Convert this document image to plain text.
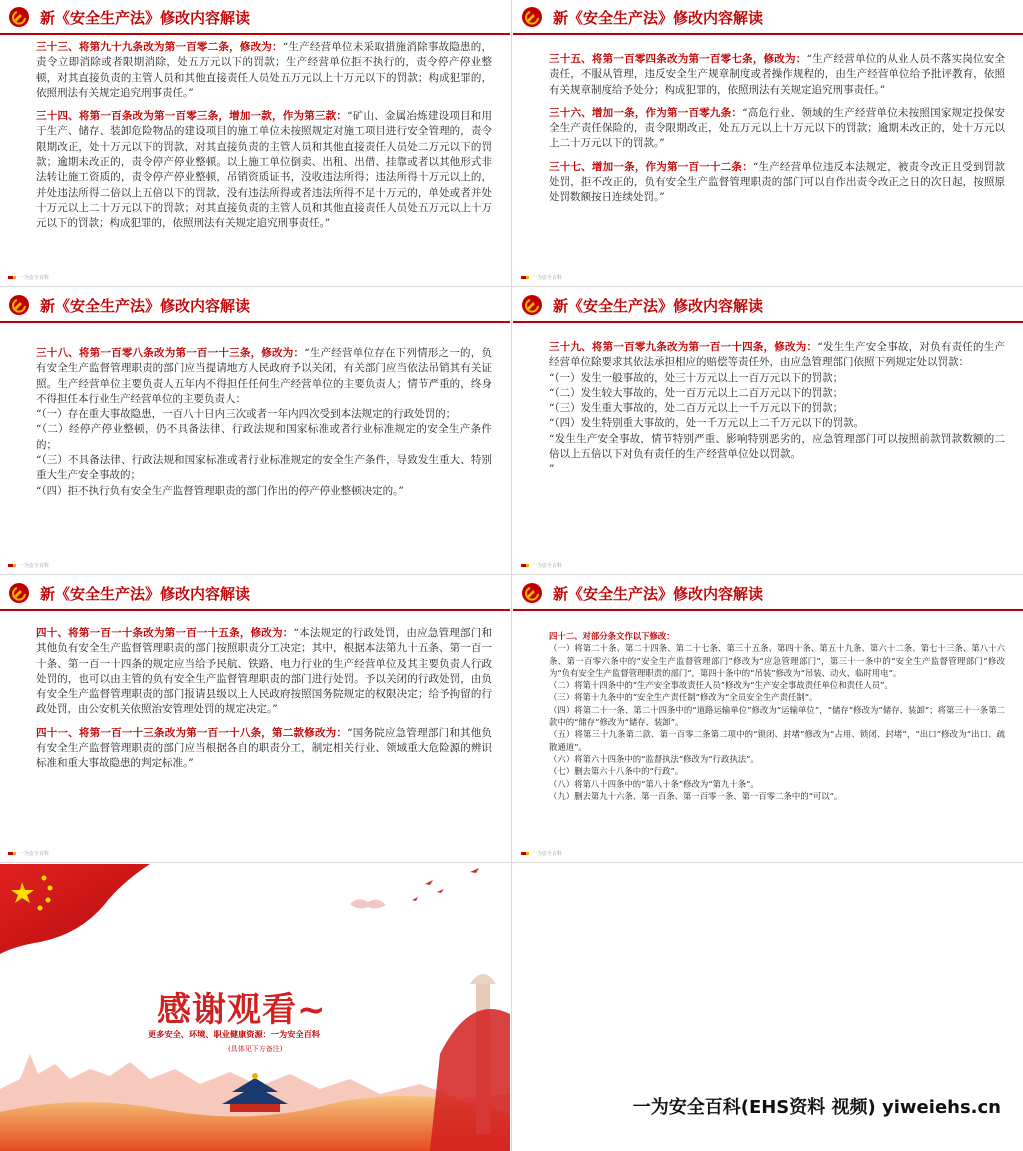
新《安全生产法》修改内容解读

三十三、将第九十九条改为第一百零二条，修改为：“生产经营单位未采取措施消除事故隐患的，责令立即消除或者限期消除，处五万元以下的罚款；生产经营单位拒不执行的，责令停产停业整顿，对其直接负责的主管人员和其他直接责任人员处五万元以上十万元以下的罚款；构成犯罪的，依照刑法有关规定追究刑事责任。”

三十四、将第一百条改为第一百零三条，增加一款，作为第三款：“矿山、金属冶炼建设项目和用于生产、储存、装卸危险物品的建设项目的施工单位未按照规定对施工项目进行安全管理的，责令限期改正，处十万元以下的罚款，对其直接负责的主管人员和其他直接责任人员处二万元以下的罚款；逾期未改正的，责令停产停业整顿。以上施工单位倒卖、出租、出借、挂靠或者以其他形式非法转让施工资质的，责令停产停业整顿，吊销资质证书，没收违法所得；违法所得十万元以上的，并处违法所得二倍以上五倍以下的罚款，没有违法所得或者违法所得不足十万元的，单处或者并处十万元以上二十万元以下的罚款；对其直接负责的主管人员和其他直接责任人员处五万元以上十万元以下的罚款；构成犯罪的，依照刑法有关规定追究刑事责任。”

一为安全百科
新《安全生产法》修改内容解读

三十五、将第一百零四条改为第一百零七条，修改为：“生产经营单位的从业人员不落实岗位安全责任，不服从管理，违反安全生产规章制度或者操作规程的，由生产经营单位给予批评教育，依照有关规章制度给予处分；构成犯罪的，依照刑法有关规定追究刑事责任。”

三十六、增加一条，作为第一百零九条：“高危行业、领域的生产经营单位未按照国家规定投保安全生产责任保险的，责令限期改正，处五万元以上十万元以下的罚款；逾期未改正的，处十万元以上二十万元以下的罚款。”

三十七、增加一条，作为第一百一十二条：“生产经营单位违反本法规定，被责令改正且受到罚款处罚，拒不改正的，负有安全生产监督管理职责的部门可以自作出责令改正之日的次日起，按照原处罚数额按日连续处罚。”

一为安全百科
新《安全生产法》修改内容解读
三十八、将第一百零八条改为第一百一十三条，修改为：“生产经营单位存在下列情形之一的，负有安全生产监督管理职责的部门应当提请地方人民政府予以关闭，有关部门应当依法吊销其有关证照。生产经营单位主要负责人五年内不得担任任何生产经营单位的主要负责人；情节严重的，终身不得担任本行业生产经营单位的主要负责人：
“（一）存在重大事故隐患，一百八十日内三次或者一年内四次受到本法规定的行政处罚的；
“（二）经停产停业整顿，仍不具备法律、行政法规和国家标准或者行业标准规定的安全生产条件的；
“（三）不具备法律、行政法规和国家标准或者行业标准规定的安全生产条件，导致发生重大、特别重大生产安全事故的；
“（四）拒不执行负有安全生产监督管理职责的部门作出的停产停业整顿决定的。”
一为安全百科
新《安全生产法》修改内容解读
三十九、将第一百零九条改为第一百一十四条，修改为：“发生生产安全事故，对负有责任的生产经营单位除要求其依法承担相应的赔偿等责任外，由应急管理部门依照下列规定处以罚款：
“（一）发生一般事故的，处三十万元以上一百万元以下的罚款；
“（二）发生较大事故的，处一百万元以上二百万元以下的罚款；
“（三）发生重大事故的，处二百万元以上一千万元以下的罚款；
“（四）发生特别重大事故的，处一千万元以上二千万元以下的罚款。
“发生生产安全事故，情节特别严重、影响特别恶劣的，应急管理部门可以按照前款罚款数额的二倍以上五倍以下对负有责任的生产经营单位处以罚款。
”
一为安全百科
新《安全生产法》修改内容解读

四十、将第一百一十条改为第一百一十五条，修改为：“本法规定的行政处罚，由应急管理部门和其他负有安全生产监督管理职责的部门按照职责分工决定；其中，根据本法第九十五条、第一百一十条、第一百一十四条的规定应当给予民航、铁路、电力行业的生产经营单位及其主要负责人行政处罚的，也可以由主管的负有安全生产监督管理职责的部门进行处罚。予以关闭的行政处罚，由负有安全生产监督管理职责的部门报请县级以上人民政府按照国务院规定的权限决定；给予拘留的行政处罚，由公安机关依照治安管理处罚的规定决定。”

四十一、将第一百一十三条改为第一百一十八条，第二款修改为：“国务院应急管理部门和其他负有安全生产监督管理职责的部门应当根据各自的职责分工，制定相关行业、领域重大危险源的辨识标准和重大事故隐患的判定标准。”

一为安全百科
新《安全生产法》修改内容解读
四十二、对部分条文作以下修改：

（一）将第二十条、第二十四条、第二十七条、第三十五条、第四十条、第五十九条、第六十二条、第七十三条、第八十六条、第一百零六条中的“安全生产监督管理部门”修改为“应急管理部门”，第三十一条中的“安全生产监督管理部门”修改为“负有安全生产监督管理职责的部门”，第四十条中的“吊装”修改为“吊装、动火、临时用电”。

（二）将第十四条中的“生产安全事故责任人员”修改为“生产安全事故责任单位和责任人员”。

（三）将第十九条中的“安全生产责任制”修改为“全员安全生产责任制”。

（四）将第二十一条、第二十四条中的“道路运输单位”修改为“运输单位”，“储存”修改为“储存、装卸”；将第三十一条第二款中的“储存”修改为“储存、装卸”。

（五）将第三十九条第二款、第一百零二条第二项中的“锁闭、封堵”修改为“占用、锁闭、封堵”，“出口”修改为“出口、疏散通道”。

（六）将第六十四条中的“监督执法”修改为“行政执法”。

（七）删去第六十八条中的“行政”。

（八）将第八十四条中的“第八十条”修改为“第九十条”。

（九）删去第九十六条、第一百条、第一百零一条、第一百零二条中的“可以”。

一为安全百科
感谢观看~
更多安全、环境、职业健康资源：一为安全百科
(具体见下方备注)
一为安全百科(EHS资料 视频) yiweiehs.cn
